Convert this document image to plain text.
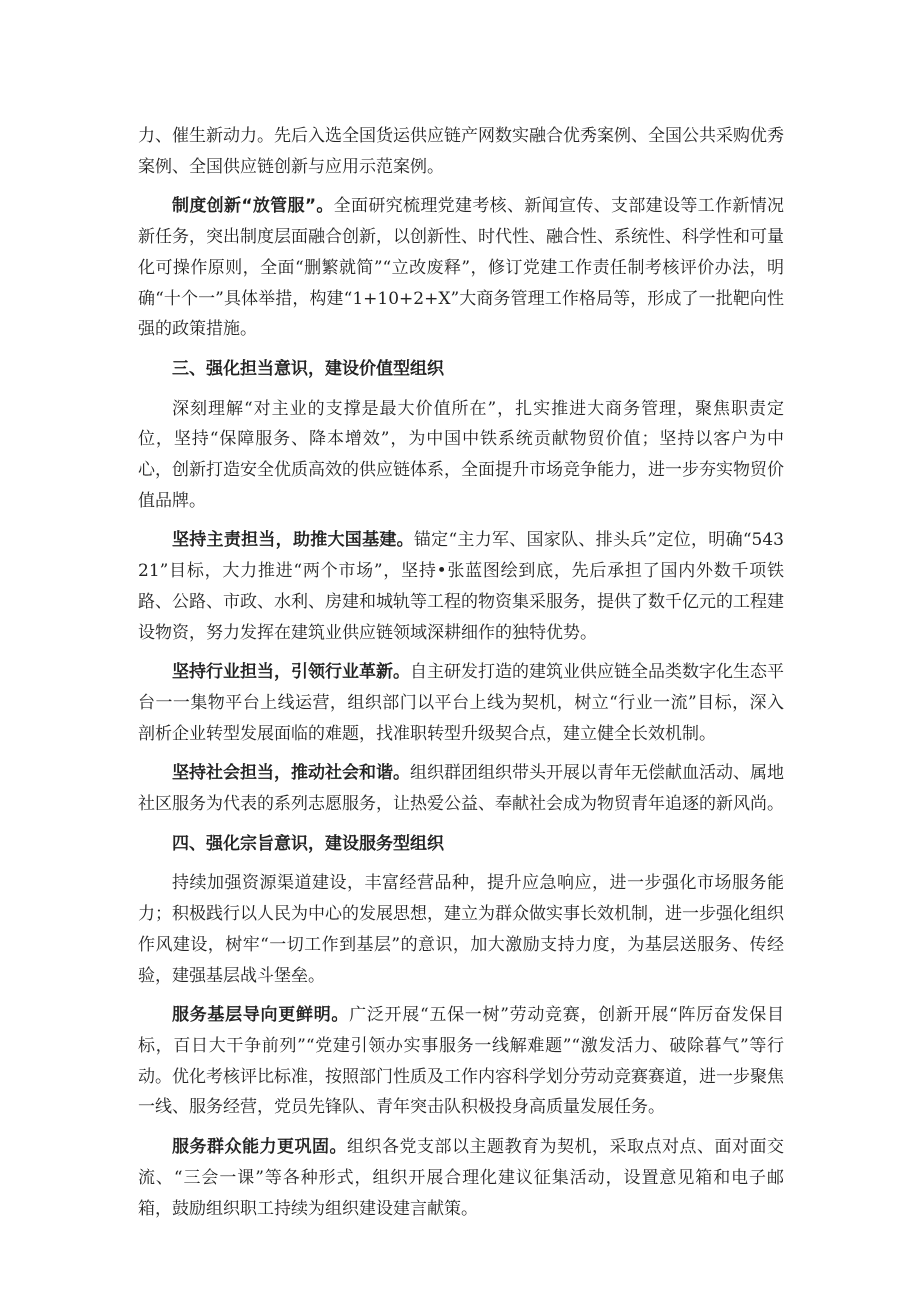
力、催生新动力。先后入选全国货运供应链产网数实融合优秀案例、全国公共采购优秀案例、全国供应链创新与应用示范案例。

制度创新“放管服”。全面研究梳理党建考核、新闻宣传、支部建设等工作新情况新任务，突出制度层面融合创新，以创新性、时代性、融合性、系统性、科学性和可量化可操作原则，全面“删繁就简”“立改废释”，修订党建工作责任制考核评价办法，明确“十个一”具体举措，构建“1+10+2+X”大商务管理工作格局等，形成了一批靶向性强的政策措施。

三、强化担当意识，建设价值型组织

深刻理解“对主业的支撑是最大价值所在”，扎实推进大商务管理，聚焦职责定位，坚持“保障服务、降本增效”，为中国中铁系统贡献物贸价值；坚持以客户为中心，创新打造安全优质高效的供应链体系，全面提升市场竞争能力，进一步夯实物贸价值品牌。

坚持主责担当，助推大国基建。锚定“主力军、国家队、排头兵”定位，明确“54321”目标，大力推进“两个市场”，坚持•张蓝图绘到底，先后承担了国内外数千项铁路、公路、市政、水利、房建和城轨等工程的物资集采服务，提供了数千亿元的工程建设物资，努力发挥在建筑业供应链领域深耕细作的独特优势。

坚持行业担当，引领行业革新。自主研发打造的建筑业供应链全品类数字化生态平台一一集物平台上线运营，组织部门以平台上线为契机，树立“行业一流”目标，深入剖析企业转型发展面临的难题，找准职转型升级契合点，建立健全长效机制。

坚持社会担当，推动社会和谐。组织群团组织带头开展以青年无偿献血活动、属地社区服务为代表的系列志愿服务，让热爱公益、奉献社会成为物贸青年追逐的新风尚。

四、强化宗旨意识，建设服务型组织

持续加强资源渠道建设，丰富经营品种，提升应急响应，进一步强化市场服务能力；积极践行以人民为中心的发展思想，建立为群众做实事长效机制，进一步强化组织作风建设，树牢“一切工作到基层”的意识，加大激励支持力度，为基层送服务、传经验，建强基层战斗堡垒。

服务基层导向更鲜明。广泛开展“五保一树”劳动竞赛，创新开展“阵厉奋发保目标，百日大干争前列”“党建引领办实事服务一线解难题”“激发活力、破除暮气”等行动。优化考核评比标准，按照部门性质及工作内容科学划分劳动竞赛赛道，进一步聚焦一线、服务经营，党员先锋队、青年突击队积极投身高质量发展任务。

服务群众能力更巩固。组织各党支部以主题教育为契机，采取点对点、面对面交流、“三会一课”等各种形式，组织开展合理化建议征集活动，设置意见箱和电子邮箱，鼓励组织职工持续为组织建设建言献策。
